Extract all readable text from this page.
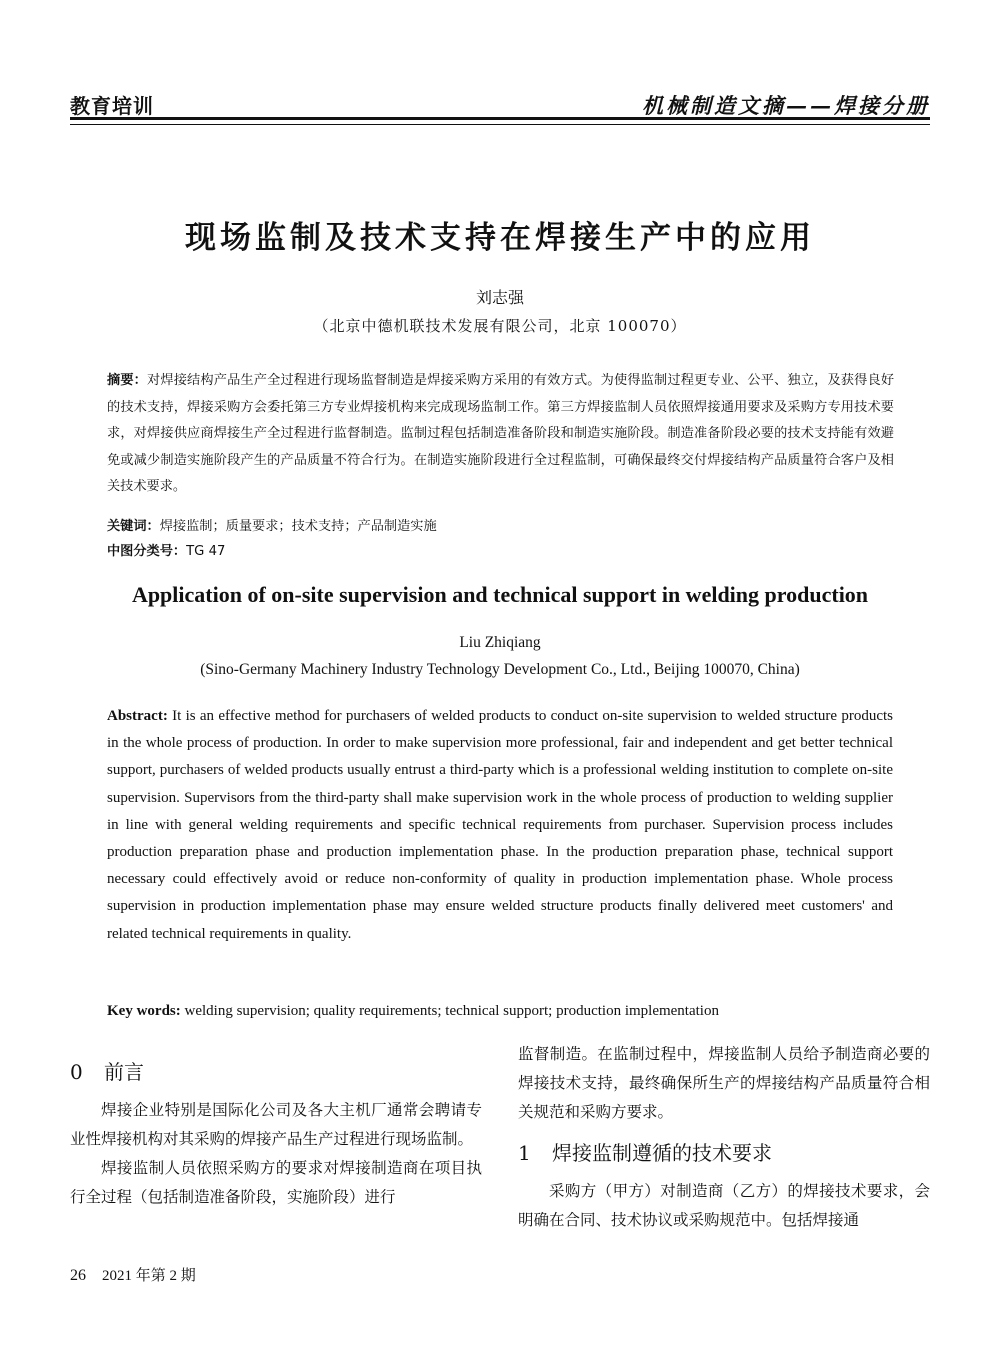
教育培训	机械制造文摘——焊接分册
现场监制及技术支持在焊接生产中的应用
刘志强
（北京中德机联技术发展有限公司，北京 100070）
摘要：对焊接结构产品生产全过程进行现场监督制造是焊接采购方采用的有效方式。为使得监制过程更专业、公平、独立，及获得良好的技术支持，焊接采购方会委托第三方专业焊接机构来完成现场监制工作。第三方焊接监制人员依照焊接通用要求及采购方专用技术要求，对焊接供应商焊接生产全过程进行监督制造。监制过程包括制造准备阶段和制造实施阶段。制造准备阶段必要的技术支持能有效避免或减少制造实施阶段产生的产品质量不符合行为。在制造实施阶段进行全过程监制，可确保最终交付焊接结构产品质量符合客户及相关技术要求。
关键词：焊接监制；质量要求；技术支持；产品制造实施
中图分类号：TG 47
Application of on-site supervision and technical support in welding production
Liu Zhiqiang
(Sino-Germany Machinery Industry Technology Development Co., Ltd., Beijing 100070, China)
Abstract: It is an effective method for purchasers of welded products to conduct on-site supervision to welded structure products in the whole process of production. In order to make supervision more professional, fair and independent and get better technical support, purchasers of welded products usually entrust a third-party which is a professional welding institution to complete on-site supervision. Supervisors from the third-party shall make supervision work in the whole process of production to welding supplier in line with general welding requirements and specific technical requirements from purchaser. Supervision process includes production preparation phase and production implementation phase. In the production preparation phase, technical support necessary could effectively avoid or reduce non-conformity of quality in production implementation phase. Whole process supervision in production implementation phase may ensure welded structure products finally delivered meet customers' and related technical requirements in quality.
Key words: welding supervision; quality requirements; technical support; production implementation
0 前言

焊接企业特别是国际化公司及各大主机厂通常会聘请专业性焊接机构对其采购的焊接产品生产过程进行现场监制。

焊接监制人员依照采购方的要求对焊接制造商在项目执行全过程（包括制造准备阶段，实施阶段）进行

监督制造。在监制过程中，焊接监制人员给予制造商必要的焊接技术支持，最终确保所生产的焊接结构产品质量符合相关规范和采购方要求。

1 焊接监制遵循的技术要求

采购方（甲方）对制造商（乙方）的焊接技术要求，会明确在合同、技术协议或采购规范中。包括焊接通

26 2021 年第 2 期
